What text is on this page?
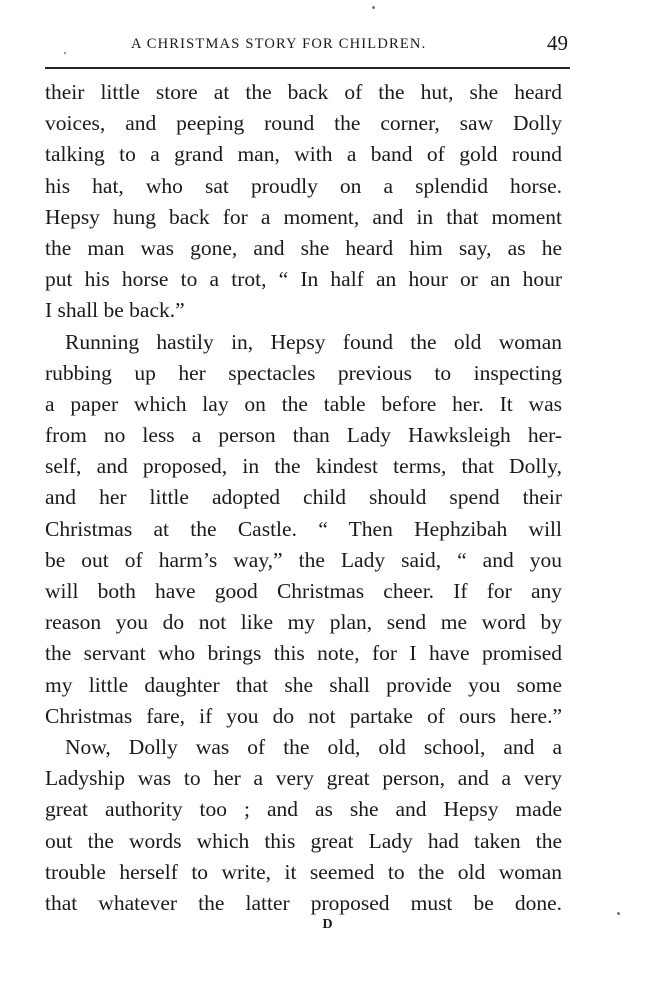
A CHRISTMAS STORY FOR CHILDREN.	49
their little store at the back of the hut, she heard
voices, and peeping round the corner, saw Dolly
talking to a grand man, with a band of gold round
his hat, who sat proudly on a splendid horse.
Hepsy hung back for a moment, and in that moment
the man was gone, and she heard him say, as he
put his horse to a trot, “ In half an hour or an hour
I shall be back.”
Running hastily in, Hepsy found the old woman
rubbing up her spectacles previous to inspecting
a paper which lay on the table before her. It was
from no less a person than Lady Hawksleigh her-
self, and proposed, in the kindest terms, that Dolly,
and her little adopted child should spend their
Christmas at the Castle. “ Then Hephzibah will
be out of harm’s way,” the Lady said, “ and you
will both have good Christmas cheer. If for any
reason you do not like my plan, send me word by
the servant who brings this note, for I have promised
my little daughter that she shall provide you some
Christmas fare, if you do not partake of ours here.”
Now, Dolly was of the old, old school, and a
Ladyship was to her a very great person, and a very
great authority too ; and as she and Hepsy made
out the words which this great Lady had taken the
trouble herself to write, it seemed to the old woman
that whatever the latter proposed must be done.
D
